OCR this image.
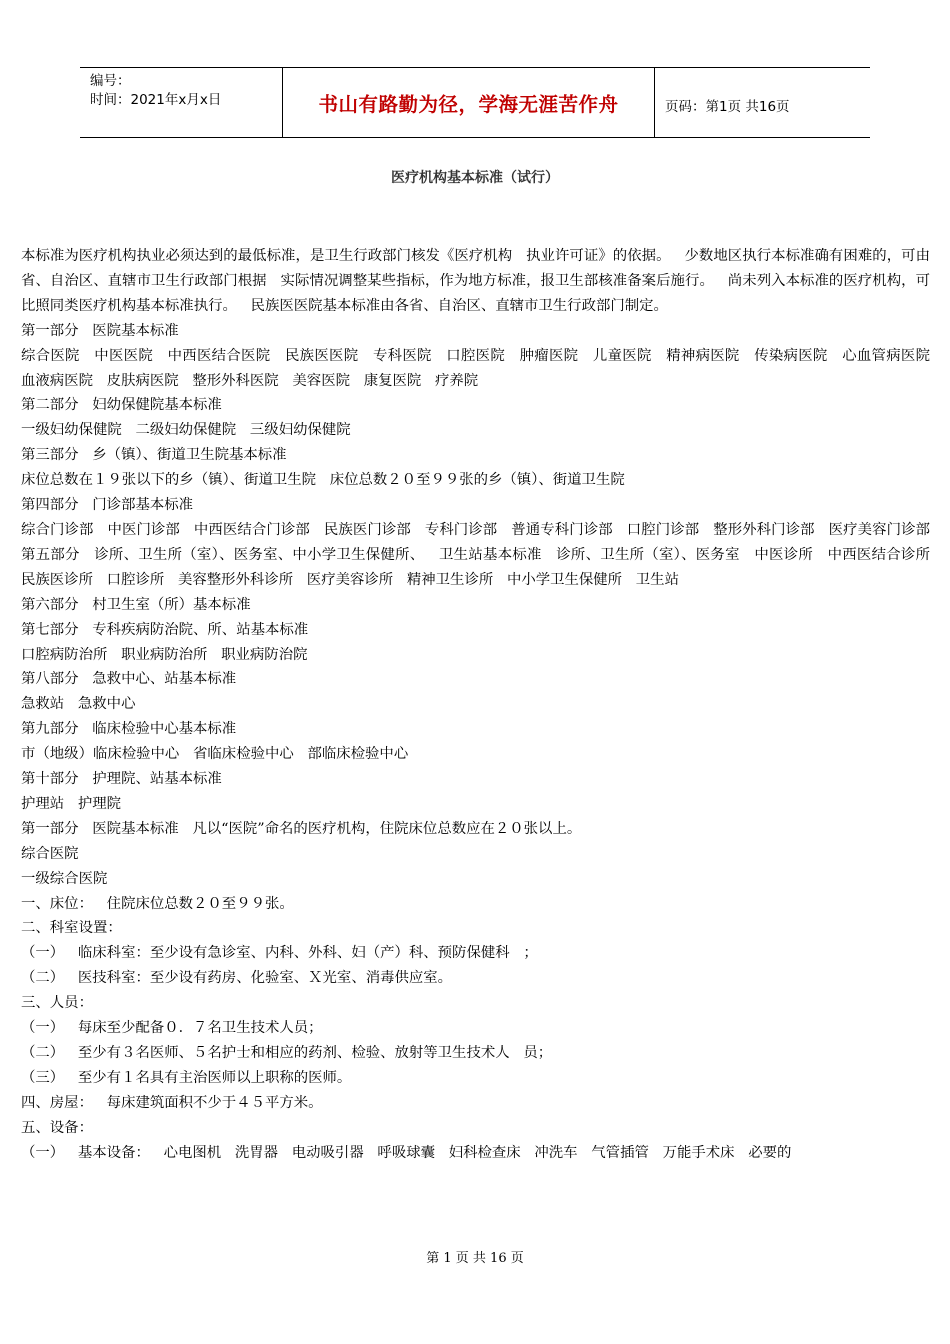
编号：
时间：2021年x月x日	书山有路勤为径，学海无涯苦作舟	页码：第1页 共16页
医疗机构基本标准（试行）
本标准为医疗机构执业必须达到的最低标准，是卫生行政部门核发《医疗机构   执业许可证》的依据。   少数地区执行本标准确有困难的，可由省、自治区、直辖市卫生行政部门根据   实际情况调整某些指标，作为地方标准，报卫生部核准备案后施行。   尚未列入本标准的医疗机构，可比照同类医疗机构基本标准执行。   民族医医院基本标准由各省、自治区、直辖市卫生行政部门制定。
第一部分   医院基本标准
综合医院   中医医院   中西医结合医院   民族医医院   专科医院   口腔医院   肿瘤医院   儿童医院   精神病医院   传染病医院   心血管病医院   血液病医院   皮肤病医院   整形外科医院   美容医院   康复医院   疗养院
第二部分   妇幼保健院基本标准
一级妇幼保健院   二级妇幼保健院   三级妇幼保健院
第三部分   乡（镇）、街道卫生院基本标准
床位总数在１９张以下的乡（镇）、街道卫生院   床位总数２０至９９张的乡（镇）、街道卫生院
第四部分   门诊部基本标准
综合门诊部   中医门诊部   中西医结合门诊部   民族医门诊部   专科门诊部   普通专科门诊部   口腔门诊部   整形外科门诊部   医疗美容门诊部   第五部分   诊所、卫生所（室）、医务室、中小学卫生保健所、   卫生站基本标准   诊所、卫生所（室）、医务室   中医诊所   中西医结合诊所   民族医诊所   口腔诊所   美容整形外科诊所   医疗美容诊所   精神卫生诊所   中小学卫生保健所   卫生站
第六部分   村卫生室（所）基本标准
第七部分   专科疾病防治院、所、站基本标准
口腔病防治所   职业病防治所   职业病防治院
第八部分   急救中心、站基本标准
急救站   急救中心
第九部分   临床检验中心基本标准
市（地级）临床检验中心   省临床检验中心   部临床检验中心
第十部分   护理院、站基本标准
护理站   护理院
第一部分   医院基本标准   凡以“医院”命名的医疗机构，住院床位总数应在２０张以上。
综合医院
一级综合医院
一、床位：   住院床位总数２０至９９张。
二、科室设置：
（一）   临床科室：至少设有急诊室、内科、外科、妇（产）科、预防保健科   ；
（二）   医技科室：至少设有药房、化验室、Ｘ光室、消毒供应室。
三、人员：
（一）   每床至少配备０．７名卫生技术人员；
（二）   至少有３名医师、５名护士和相应的药剂、检验、放射等卫生技术人   员；
（三）   至少有１名具有主治医师以上职称的医师。
四、房屋：   每床建筑面积不少于４５平方米。
五、设备：
（一）   基本设备：   心电图机   洗胃器   电动吸引器   呼吸球囊   妇科检查床   冲洗车   气管插管   万能手术床   必要的
第 1 页 共 16 页
